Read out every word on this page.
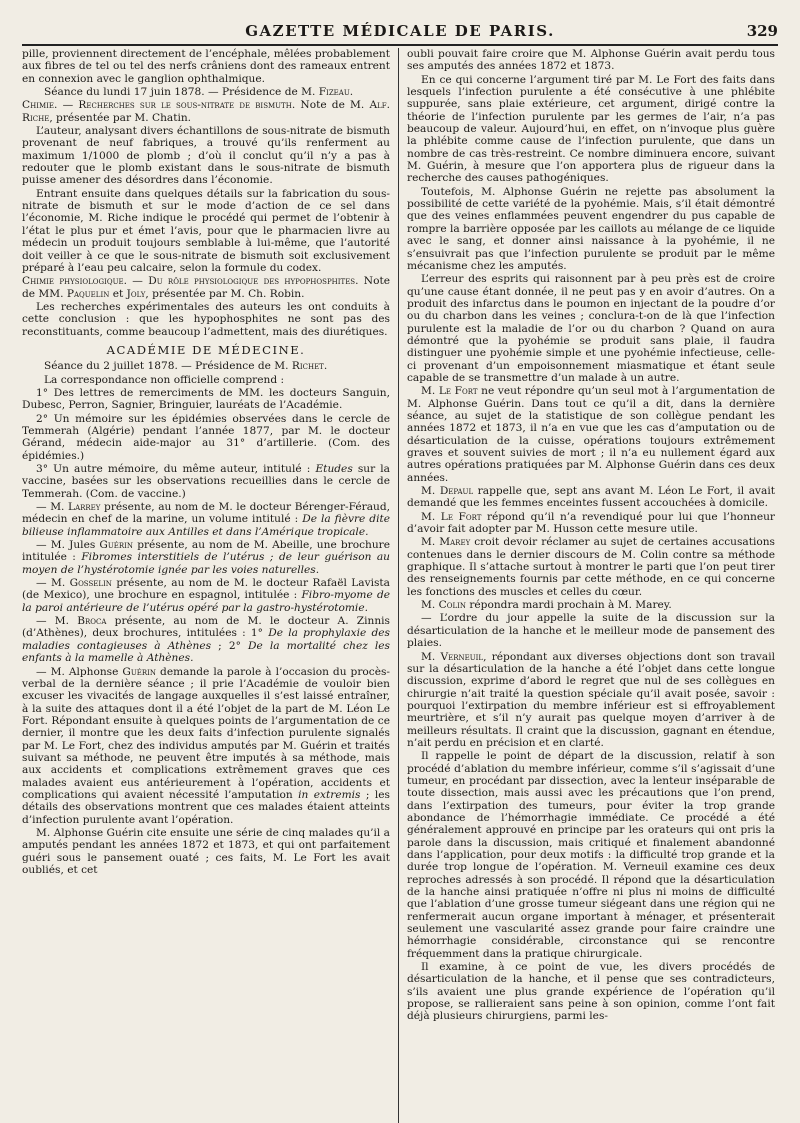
GAZETTE MÉDICALE DE PARIS.	329

pille, proviennent directement de l’encéphale, mêlées probablement aux fibres de tel ou tel des nerfs crâniens dont des rameaux entrent en connexion avec le ganglion ophthalmique.

Séance du lundi 17 juin 1878. — Présidence de M. Fizeau.

Chimie. — Recherches sur le sous-nitrate de bismuth. Note de M. Alf. Riche, présentée par M. Chatin.

L’auteur, analysant divers échantillons de sous-nitrate de bismuth provenant de neuf fabriques, a trouvé qu’ils renferment au maximum 1/1000 de plomb ; d’où il conclut qu’il n’y a pas à redouter que le plomb existant dans le sous-nitrate de bismuth puisse amener des désordres dans l’économie.

Entrant ensuite dans quelques détails sur la fabrication du sous-nitrate de bismuth et sur le mode d’action de ce sel dans l’économie, M. Riche indique le procédé qui permet de l’obtenir à l’état le plus pur et émet l’avis, pour que le pharmacien livre au médecin un produit toujours semblable à lui-même, que l’autorité doit veiller à ce que le sous-nitrate de bismuth soit exclusivement préparé à l’eau peu calcaire, selon la formule du codex.

Chimie physiologique. — Du rôle physiologique des hypophosphites. Note de MM. Paquelin et Joly, présentée par M. Ch. Robin.

Les recherches expérimentales des auteurs les ont conduits à cette conclusion : que les hypophosphites ne sont pas des reconstituants, comme beaucoup l’admettent, mais des diurétiques.

ACADÉMIE DE MÉDECINE.

Séance du 2 juillet 1878. — Présidence de M. Richet.

La correspondance non officielle comprend :

1° Des lettres de remerciments de MM. les docteurs Sanguin, Dubesc, Perron, Sagnier, Bringuier, lauréats de l’Académie.

2° Un mémoire sur les épidémies observées dans le cercle de Temmerah (Algérie) pendant l’année 1877, par M. le docteur Gérand, médecin aide-major au 31° d’artillerie. (Com. des épidémies.)

3° Un autre mémoire, du même auteur, intitulé : Etudes sur la vaccine, basées sur les observations recueillies dans le cercle de Temmerah. (Com. de vaccine.)

— M. Larrey présente, au nom de M. le docteur Bérenger-Féraud, médecin en chef de la marine, un volume intitulé : De la fièvre dite bilieuse inflammatoire aux Antilles et dans l’Amérique tropicale.

— M. Jules Guérin présente, au nom de M. Abeille, une brochure intitulée : Fibromes interstitiels de l’utérus ; de leur guérison au moyen de l’hystérotomie ignée par les voies naturelles.

— M. Gosselin présente, au nom de M. le docteur Rafaël Lavista (de Mexico), une brochure en espagnol, intitulée : Fibro-myome de la paroi antérieure de l’utérus opéré par la gastro-hystérotomie.

— M. Broca présente, au nom de M. le docteur A. Zinnis (d’Athènes), deux brochures, intitulées : 1° De la prophylaxie des maladies contagieuses à Athènes ; 2° De la mortalité chez les enfants à la mamelle à Athènes.

— M. Alphonse Guérin demande la parole à l’occasion du procès-verbal de la dernière séance ; il prie l’Académie de vouloir bien excuser les vivacités de langage auxquelles il s’est laissé entraîner, à la suite des attaques dont il a été l’objet de la part de M. Léon Le Fort. Répondant ensuite à quelques points de l’argumentation de ce dernier, il montre que les deux faits d’infection purulente signalés par M. Le Fort, chez des individus amputés par M. Guérin et traités suivant sa méthode, ne peuvent être imputés à sa méthode, mais aux accidents et complications extrêmement graves que ces malades avaient eus antérieurement à l’opération, accidents et complications qui avaient nécessité l’amputation in extremis ; les détails des observations montrent que ces malades étaient atteints d’infection purulente avant l’opération.

M. Alphonse Guérin cite ensuite une série de cinq malades qu’il a amputés pendant les années 1872 et 1873, et qui ont parfaitement guéri sous le pansement ouaté ; ces faits, M. Le Fort les avait oubliés, et cet

oubli pouvait faire croire que M. Alphonse Guérin avait perdu tous ses amputés des années 1872 et 1873.

En ce qui concerne l’argument tiré par M. Le Fort des faits dans lesquels l’infection purulente a été consécutive à une phlébite suppurée, sans plaie extérieure, cet argument, dirigé contre la théorie de l’infection purulente par les germes de l’air, n’a pas beaucoup de valeur. Aujourd’hui, en effet, on n’invoque plus guère la phlébite comme cause de l’infection purulente, que dans un nombre de cas très-restreint. Ce nombre diminuera encore, suivant M. Guérin, à mesure que l’on apportera plus de rigueur dans la recherche des causes pathogéniques.

Toutefois, M. Alphonse Guérin ne rejette pas absolument la possibilité de cette variété de la pyohémie. Mais, s’il était démontré que des veines enflammées peuvent engendrer du pus capable de rompre la barrière opposée par les caillots au mélange de ce liquide avec le sang, et donner ainsi naissance à la pyohémie, il ne s’ensuivrait pas que l’infection purulente se produit par le même mécanisme chez les amputés.

L’erreur des esprits qui raisonnent par à peu près est de croire qu’une cause étant donnée, il ne peut pas y en avoir d’autres. On a produit des infarctus dans le poumon en injectant de la poudre d’or ou du charbon dans les veines ; conclura-t-on de là que l’infection purulente est la maladie de l’or ou du charbon ? Quand on aura démontré que la pyohémie se produit sans plaie, il faudra distinguer une pyohémie simple et une pyohémie infectieuse, celle-ci provenant d’un empoisonnement miasmatique et étant seule capable de se transmettre d’un malade à un autre.

M. Le Fort ne veut répondre qu’un seul mot à l’argumentation de M. Alphonse Guérin. Dans tout ce qu’il a dit, dans la dernière séance, au sujet de la statistique de son collègue pendant les années 1872 et 1873, il n’a en vue que les cas d’amputation ou de désarticulation de la cuisse, opérations toujours extrêmement graves et souvent suivies de mort ; il n’a eu nullement égard aux autres opérations pratiquées par M. Alphonse Guérin dans ces deux années.

M. Depaul rappelle que, sept ans avant M. Léon Le Fort, il avait demandé que les femmes enceintes fussent accouchées à domicile.

M. Le Fort répond qu’il n’a revendiqué pour lui que l’honneur d’avoir fait adopter par M. Husson cette mesure utile.

M. Marey croit devoir réclamer au sujet de certaines accusations contenues dans le dernier discours de M. Colin contre sa méthode graphique. Il s’attache surtout à montrer le parti que l’on peut tirer des renseignements fournis par cette méthode, en ce qui concerne les fonctions des muscles et celles du cœur.

M. Colin répondra mardi prochain à M. Marey.

— L’ordre du jour appelle la suite de la discussion sur la désarticulation de la hanche et le meilleur mode de pansement des plaies.

M. Verneuil, répondant aux diverses objections dont son travail sur la désarticulation de la hanche a été l’objet dans cette longue discussion, exprime d’abord le regret que nul de ses collègues en chirurgie n’ait traité la question spéciale qu’il avait posée, savoir : pourquoi l’extirpation du membre inférieur est si effroyablement meurtrière, et s’il n’y aurait pas quelque moyen d’arriver à de meilleurs résultats. Il craint que la discussion, gagnant en étendue, n’ait perdu en précision et en clarté.

Il rappelle le point de départ de la discussion, relatif à son procédé d’ablation du membre inférieur, comme s’il s’agissait d’une tumeur, en procédant par dissection, avec la lenteur inséparable de toute dissection, mais aussi avec les précautions que l’on prend, dans l’extirpation des tumeurs, pour éviter la trop grande abondance de l’hémorrhagie immédiate. Ce procédé a été généralement approuvé en principe par les orateurs qui ont pris la parole dans la discussion, mais critiqué et finalement abandonné dans l’application, pour deux motifs : la difficulté trop grande et la durée trop longue de l’opération. M. Verneuil examine ces deux reproches adressés à son procédé. Il répond que la désarticulation de la hanche ainsi pratiquée n’offre ni plus ni moins de difficulté que l’ablation d’une grosse tumeur siégeant dans une région qui ne renfermerait aucun organe important à ménager, et présenterait seulement une vascularité assez grande pour faire craindre une hémorrhagie considérable, circonstance qui se rencontre fréquemment dans la pratique chirurgicale.

Il examine, à ce point de vue, les divers procédés de désarticulation de la hanche, et il pense que ses contradicteurs, s’ils avaient une plus grande expérience de l’opération qu’il propose, se rallieraient sans peine à son opinion, comme l’ont fait déjà plusieurs chirurgiens, parmi les-
